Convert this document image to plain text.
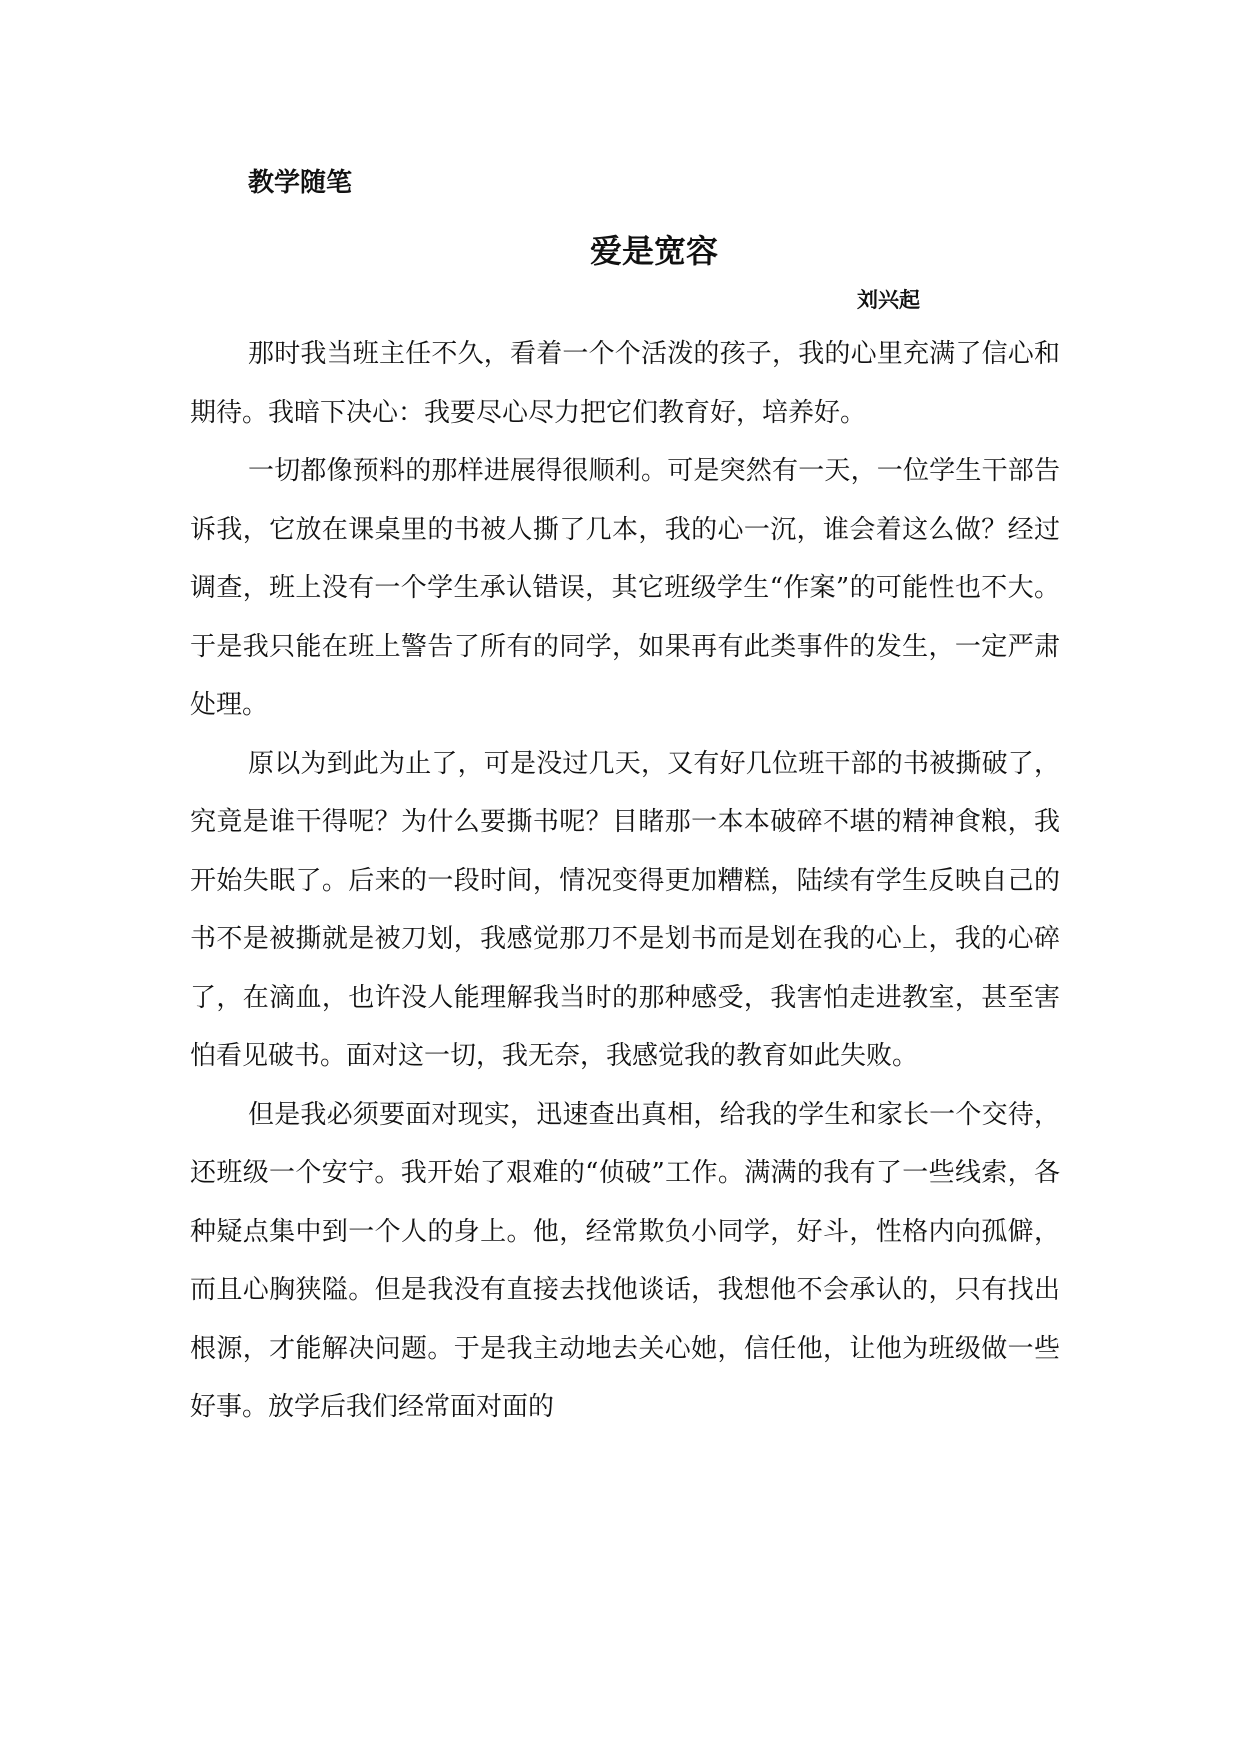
教学随笔
爱是宽容
刘兴起

那时我当班主任不久，看着一个个活泼的孩子，我的心里充满了信心和期待。我暗下决心：我要尽心尽力把它们教育好，培养好。

一切都像预料的那样进展得很顺利。可是突然有一天，一位学生干部告诉我，它放在课桌里的书被人撕了几本，我的心一沉，谁会着这么做？经过调查，班上没有一个学生承认错误，其它班级学生“作案”的可能性也不大。于是我只能在班上警告了所有的同学，如果再有此类事件的发生，一定严肃处理。

原以为到此为止了，可是没过几天，又有好几位班干部的书被撕破了，究竟是谁干得呢？为什么要撕书呢？目睹那一本本破碎不堪的精神食粮，我开始失眠了。后来的一段时间，情况变得更加糟糕，陆续有学生反映自己的书不是被撕就是被刀划，我感觉那刀不是划书而是划在我的心上，我的心碎了，在滴血，也许没人能理解我当时的那种感受，我害怕走进教室，甚至害怕看见破书。面对这一切，我无奈，我感觉我的教育如此失败。

但是我必须要面对现实，迅速查出真相，给我的学生和家长一个交待，还班级一个安宁。我开始了艰难的“侦破”工作。满满的我有了一些线索，各种疑点集中到一个人的身上。他，经常欺负小同学，好斗，性格内向孤僻，而且心胸狭隘。但是我没有直接去找他谈话，我想他不会承认的，只有找出根源，才能解决问题。于是我主动地去关心她，信任他，让他为班级做一些好事。放学后我们经常面对面的
